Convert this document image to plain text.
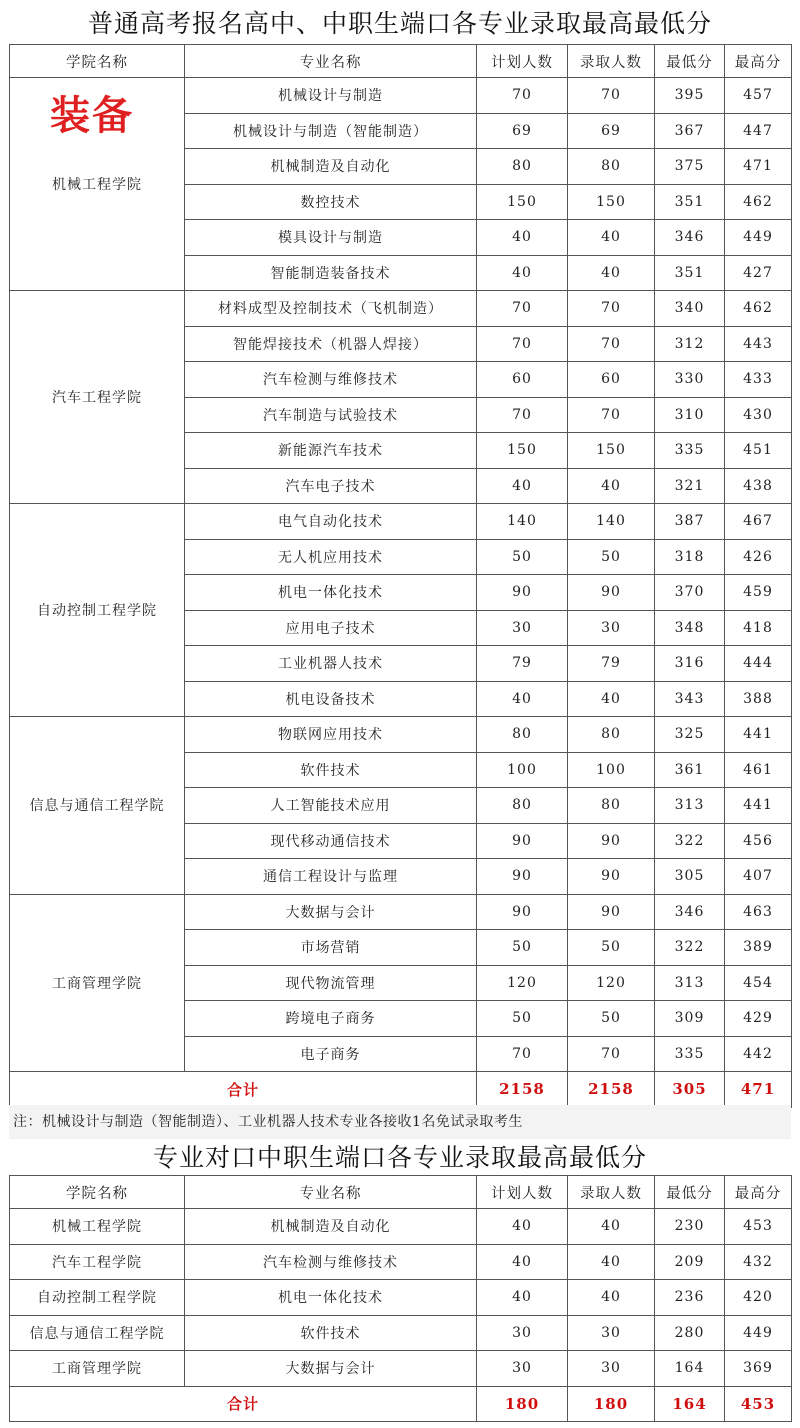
普通高考报名高中、中职生端口各专业录取最高最低分
学院名称	专业名称	计划人数	录取人数	最低分	最高分

装备
机械工程学院	机械设计与制造	70	70	395	457
	机械设计与制造（智能制造）	69	69	367	447
	机械制造及自动化	80	80	375	471
	数控技术	150	150	351	462
	模具设计与制造	40	40	346	449
	智能制造装备技术	40	40	351	427

汽车工程学院	材料成型及控制技术（飞机制造）	70	70	340	462
	智能焊接技术（机器人焊接）	70	70	312	443
	汽车检测与维修技术	60	60	330	433
	汽车制造与试验技术	70	70	310	430
	新能源汽车技术	150	150	335	451
	汽车电子技术	40	40	321	438

自动控制工程学院	电气自动化技术	140	140	387	467
	无人机应用技术	50	50	318	426
	机电一体化技术	90	90	370	459
	应用电子技术	30	30	348	418
	工业机器人技术	79	79	316	444
	机电设备技术	40	40	343	388

信息与通信工程学院	物联网应用技术	80	80	325	441
	软件技术	100	100	361	461
	人工智能技术应用	80	80	313	441
	现代移动通信技术	90	90	322	456
	通信工程设计与监理	90	90	305	407

工商管理学院	大数据与会计	90	90	346	463
	市场营销	50	50	322	389
	现代物流管理	120	120	313	454
	跨境电子商务	50	50	309	429
	电子商务	70	70	335	442
合计		2158	2158	305	471
注：机械设计与制造（智能制造）、工业机器人技术专业各接收1名免试录取考生
专业对口中职生端口各专业录取最高最低分
学院名称	专业名称	计划人数	录取人数	最低分	最高分
机械工程学院	机械制造及自动化	40	40	230	453
汽车工程学院	汽车检测与维修技术	40	40	209	432
自动控制工程学院	机电一体化技术	40	40	236	420
信息与通信工程学院	软件技术	30	30	280	449
工商管理学院	大数据与会计	30	30	164	369
合计		180	180	164	453
